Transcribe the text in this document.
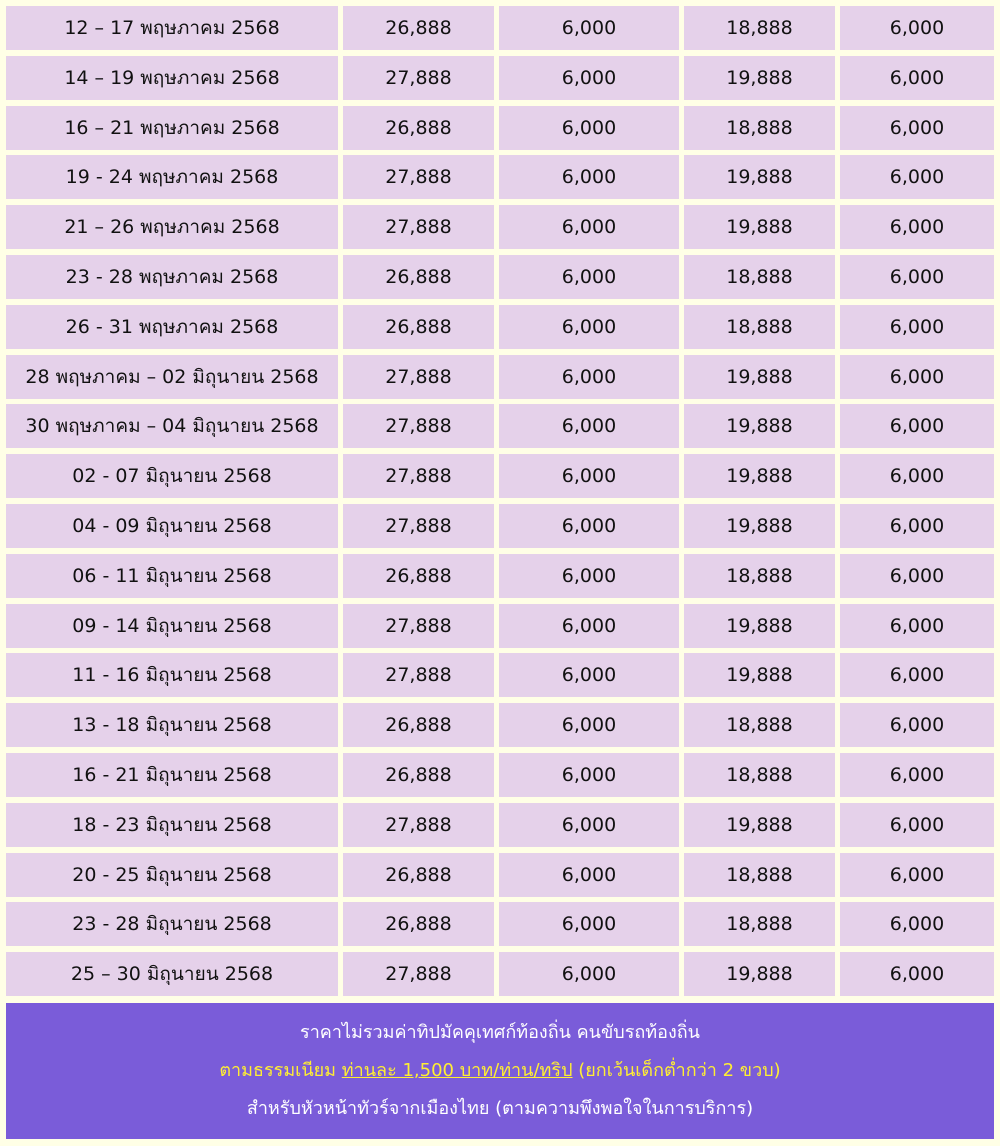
12 – 17 พฤษภาคม 2568	26,888	6,000	18,888	6,000
14 – 19 พฤษภาคม 2568	27,888	6,000	19,888	6,000
16 – 21 พฤษภาคม 2568	26,888	6,000	18,888	6,000
19 - 24 พฤษภาคม 2568	27,888	6,000	19,888	6,000
21 – 26 พฤษภาคม 2568	27,888	6,000	19,888	6,000
23 - 28 พฤษภาคม 2568	26,888	6,000	18,888	6,000
26 - 31 พฤษภาคม 2568	26,888	6,000	18,888	6,000
28 พฤษภาคม – 02 มิถุนายน 2568	27,888	6,000	19,888	6,000
30 พฤษภาคม – 04 มิถุนายน 2568	27,888	6,000	19,888	6,000
02 - 07 มิถุนายน 2568	27,888	6,000	19,888	6,000
04 - 09 มิถุนายน 2568	27,888	6,000	19,888	6,000
06 - 11 มิถุนายน 2568	26,888	6,000	18,888	6,000
09 - 14 มิถุนายน 2568	27,888	6,000	19,888	6,000
11 - 16 มิถุนายน 2568	27,888	6,000	19,888	6,000
13 - 18 มิถุนายน 2568	26,888	6,000	18,888	6,000
16 - 21 มิถุนายน 2568	26,888	6,000	18,888	6,000
18 - 23 มิถุนายน 2568	27,888	6,000	19,888	6,000
20 - 25 มิถุนายน 2568	26,888	6,000	18,888	6,000
23 - 28 มิถุนายน 2568	26,888	6,000	18,888	6,000
25 – 30 มิถุนายน 2568	27,888	6,000	19,888	6,000
ราคาไม่รวมค่าทิปมัคคุเทศก์ท้องถิ่น คนขับรถท้องถิ่น
ตามธรรมเนียม ท่านละ 1,500 บาท/ท่าน/ทริป (ยกเว้นเด็กต่ำกว่า 2 ขวบ)
สำหรับหัวหน้าทัวร์จากเมืองไทย (ตามความพึงพอใจในการบริการ)
